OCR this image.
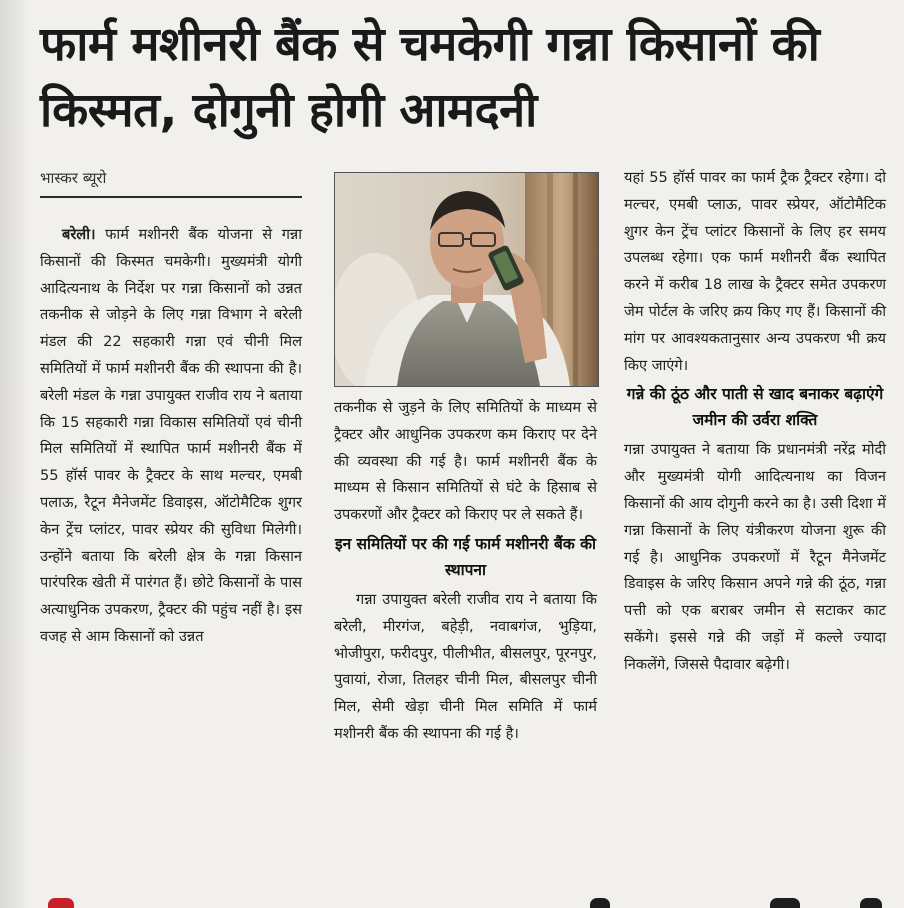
फार्म मशीनरी बैंक से चमकेगी गन्ना किसानों की किस्मत, दोगुनी होगी आमदनी
भास्कर ब्यूरो

बरेली। फार्म मशीनरी बैंक योजना से गन्ना किसानों की किस्मत चमकेगी। मुख्यमंत्री योगी आदित्यनाथ के निर्देश पर गन्ना किसानों को उन्नत तकनीक से जोड़ने के लिए गन्ना विभाग ने बरेली मंडल की 22 सहकारी गन्ना एवं चीनी मिल समितियों में फार्म मशीनरी बैंक की स्थापना की है। बरेली मंडल के गन्ना उपायुक्त राजीव राय ने बताया कि 15 सहकारी गन्ना विकास समितियों एवं चीनी मिल समितियों में स्थापित फार्म मशीनरी बैंक में 55 हॉर्स पावर के ट्रैक्टर के साथ मल्चर, एमबी पलाऊ, रैटून मैनेजमेंट डिवाइस, ऑटोमैटिक शुगर केन ट्रेंच प्लांटर, पावर स्प्रेयर की सुविधा मिलेगी। उन्होंने बताया कि बरेली क्षेत्र के गन्ना किसान पारंपरिक खेती में पारंगत हैं। छोटे किसानों के पास अत्याधुनिक उपकरण, ट्रैक्टर की पहुंच नहीं है। इस वजह से आम किसानों को उन्नत

तकनीक से जुड़ने के लिए समितियों के माध्यम से ट्रैक्टर और आधुनिक उपकरण कम किराए पर देने की व्यवस्था की गई है। फार्म मशीनरी बैंक के माध्यम से किसान समितियों से घंटे के हिसाब से उपकरणों और ट्रैक्टर को किराए पर ले सकते हैं।

इन समितियों पर की गई फार्म मशीनरी बैंक की स्थापना

गन्ना उपायुक्त बरेली राजीव राय ने बताया कि बरेली, मीरगंज, बहेड़ी, नवाबगंज, भुड़िया, भोजीपुरा, फरीदपुर, पीलीभीत, बीसलपुर, पूरनपुर, पुवायां, रोजा, तिलहर चीनी मिल, बीसलपुर चीनी मिल, सेमी खेड़ा चीनी मिल समिति में फार्म मशीनरी बैंक की स्थापना की गई है।

यहां 55 हॉर्स पावर का फार्म ट्रैक ट्रैक्टर रहेगा। दो मल्चर, एमबी प्लाऊ, पावर स्प्रेयर, ऑटोमैटिक शुगर केन ट्रेंच प्लांटर किसानों के लिए हर समय उपलब्ध रहेगा। एक फार्म मशीनरी बैंक स्थापित करने में करीब 18 लाख के ट्रैक्टर समेत उपकरण जेम पोर्टल के जरिए क्रय किए गए हैं। किसानों की मांग पर आवश्यकतानुसार अन्य उपकरण भी क्रय किए जाएंगे।

गन्ने की ठूंठ और पाती से खाद बनाकर बढ़ाएंगे जमीन की उर्वरा शक्ति

गन्ना उपायुक्त ने बताया कि प्रधानमंत्री नरेंद्र मोदी और मुख्यमंत्री योगी आदित्यनाथ का विजन किसानों की आय दोगुनी करने का है। उसी दिशा में गन्ना किसानों के लिए यंत्रीकरण योजना शुरू की गई है। आधुनिक उपकरणों में रैटून मैनेजमेंट डिवाइस के जरिए किसान अपने गन्ने की ठूंठ, गन्ना पत्ती को एक बराबर जमीन से सटाकर काट सकेंगे। इससे गन्ने की जड़ों में कल्ले ज्यादा निकलेंगे, जिससे पैदावार बढ़ेगी।
